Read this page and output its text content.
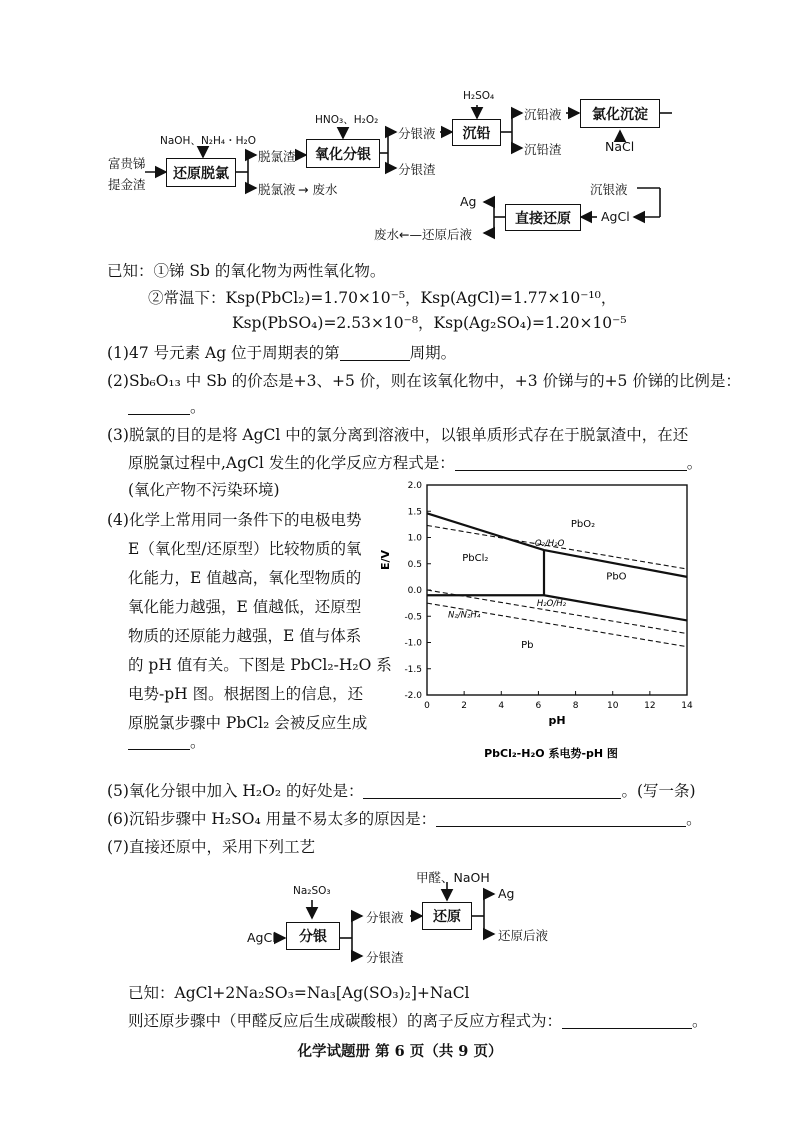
富贵锑
提金渣
NaOH、N₂H₄・H₂O
还原脱氯
脱氯渣
脱氯液 → 废水
HNO₃、H₂O₂
氧化分银
分银液
分银渣
H₂SO₄
沉铅
沉铅液
沉铅渣
氯化沉淀
NaCl
沉银液
AgCl
直接还原
Ag
废水←—还原后液
已知：①锑 Sb 的氧化物为两性氧化物。
②常温下：Ksp(PbCl₂)=1.70×10⁻⁵，Ksp(AgCl)=1.77×10⁻¹⁰，
Ksp(PbSO₄)=2.53×10⁻⁸，Ksp(Ag₂SO₄)=1.20×10⁻⁵
(1)47 号元素 Ag 位于周期表的第	周期。
(2)Sb₆O₁₃ 中 Sb 的价态是+3、+5 价，则在该氧化物中，+3 价锑与的+5 价锑的比例是：
。
(3)脱氯的目的是将 AgCl 中的氯分离到溶液中，以银单质形式存在于脱氯渣中，在还
原脱氯过程中,AgCl 发生的化学反应方程式是：	。
(氧化产物不污染环境)
(4)化学上常用同一条件下的电极电势
E（氧化型/还原型）比较物质的氧
化能力，E 值越高，氧化型物质的
氧化能力越强，E 值越低，还原型
物质的还原能力越强，E 值与体系
的 pH 值有关。下图是 PbCl₂-H₂O 系
电势-pH 图。根据图上的信息，还
原脱氯步骤中 PbCl₂ 会被反应生成
。
0	2	4	6	8	10	12	14
2.0
1.5
1.0
0.5
0.0
-0.5
-1.0
-1.5
-2.0
PbO₂
PbCl₂
PbO
Pb
O₂/H₂O
H₂O/H₂
N₂/N₂H₄
pH
E/V
PbCl₂-H₂O 系电势-pH 图
(5)氧化分银中加入 H₂O₂ 的好处是：	。(写一条)
(6)沉铅步骤中 H₂SO₄ 用量不易太多的原因是：	。
(7)直接还原中，采用下列工艺
Na₂SO₃
AgCl	分银
分银液
分银渣
甲醛、NaOH
还原
Ag
还原后液
已知：AgCl+2Na₂SO₃=Na₃[Ag(SO₃)₂]+NaCl
则还原步骤中（甲醛反应后生成碳酸根）的离子反应方程式为：	。
化学试题册 第 6 页（共 9 页）
